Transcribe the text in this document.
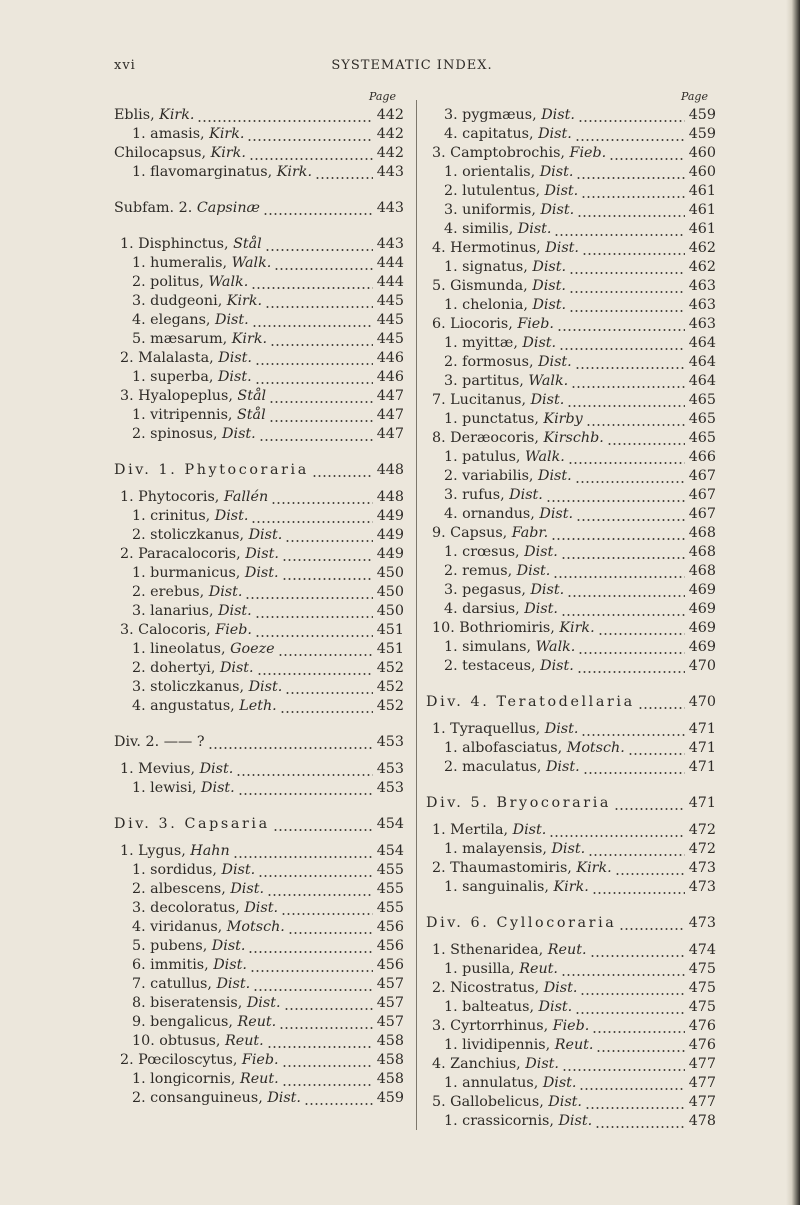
xvi	SYSTEMATIC INDEX.
Page
Eblis, Kirk.	442
1. amasis, Kirk.	442
Chilocapsus, Kirk.	442
1. flavomarginatus, Kirk.	443
Subfam. 2. Capsinæ	443
1. Disphinctus, Stål	443
1. humeralis, Walk.	444
2. politus, Walk.	444
3. dudgeoni, Kirk.	445
4. elegans, Dist.	445
5. mæsarum, Kirk.	445
2. Malalasta, Dist.	446
1. superba, Dist.	446
3. Hyalopeplus, Stål	447
1. vitripennis, Stål	447
2. spinosus, Dist.	447
Div. 1. Phytocoraria	448
1. Phytocoris, Fallén	448
1. crinitus, Dist.	449
2. stoliczkanus, Dist.	449
2. Paracalocoris, Dist.	449
1. burmanicus, Dist.	450
2. erebus, Dist.	450
3. lanarius, Dist.	450
3. Calocoris, Fieb.	451
1. lineolatus, Goeze	451
2. dohertyi, Dist.	452
3. stoliczkanus, Dist.	452
4. angustatus, Leth.	452
Div. 2. —— ?	453
1. Mevius, Dist.	453
1. lewisi, Dist.	453
Div. 3. Capsaria	454
1. Lygus, Hahn	454
1. sordidus, Dist.	455
2. albescens, Dist.	455
3. decoloratus, Dist.	455
4. viridanus, Motsch.	456
5. pubens, Dist.	456
6. immitis, Dist.	456
7. catullus, Dist.	457
8. biseratensis, Dist.	457
9. bengalicus, Reut.	457
10. obtusus, Reut.	458
2. Pœciloscytus, Fieb.	458
1. longicornis, Reut.	458
2. consanguineus, Dist.	459
Page
3. pygmæus, Dist.	459
4. capitatus, Dist.	459
3. Camptobrochis, Fieb.	460
1. orientalis, Dist.	460
2. lutulentus, Dist.	461
3. uniformis, Dist.	461
4. similis, Dist.	461
4. Hermotinus, Dist.	462
1. signatus, Dist.	462
5. Gismunda, Dist.	463
1. chelonia, Dist.	463
6. Liocoris, Fieb.	463
1. myittæ, Dist.	464
2. formosus, Dist.	464
3. partitus, Walk.	464
7. Lucitanus, Dist.	465
1. punctatus, Kirby	465
8. Deræocoris, Kirschb.	465
1. patulus, Walk.	466
2. variabilis, Dist.	467
3. rufus, Dist.	467
4. ornandus, Dist.	467
9. Capsus, Fabr.	468
1. crœsus, Dist.	468
2. remus, Dist.	468
3. pegasus, Dist.	469
4. darsius, Dist.	469
10. Bothriomiris, Kirk.	469
1. simulans, Walk.	469
2. testaceus, Dist.	470
Div. 4. Teratodellaria	470
1. Tyraquellus, Dist.	471
1. albofasciatus, Motsch.	471
2. maculatus, Dist.	471
Div. 5. Bryocoraria	471
1. Mertila, Dist.	472
1. malayensis, Dist.	472
2. Thaumastomiris, Kirk.	473
1. sanguinalis, Kirk.	473
Div. 6. Cyllocoraria	473
1. Sthenaridea, Reut.	474
1. pusilla, Reut.	475
2. Nicostratus, Dist.	475
1. balteatus, Dist.	475
3. Cyrtorrhinus, Fieb.	476
1. lividipennis, Reut.	476
4. Zanchius, Dist.	477
1. annulatus, Dist.	477
5. Gallobelicus, Dist.	477
1. crassicornis, Dist.	478
